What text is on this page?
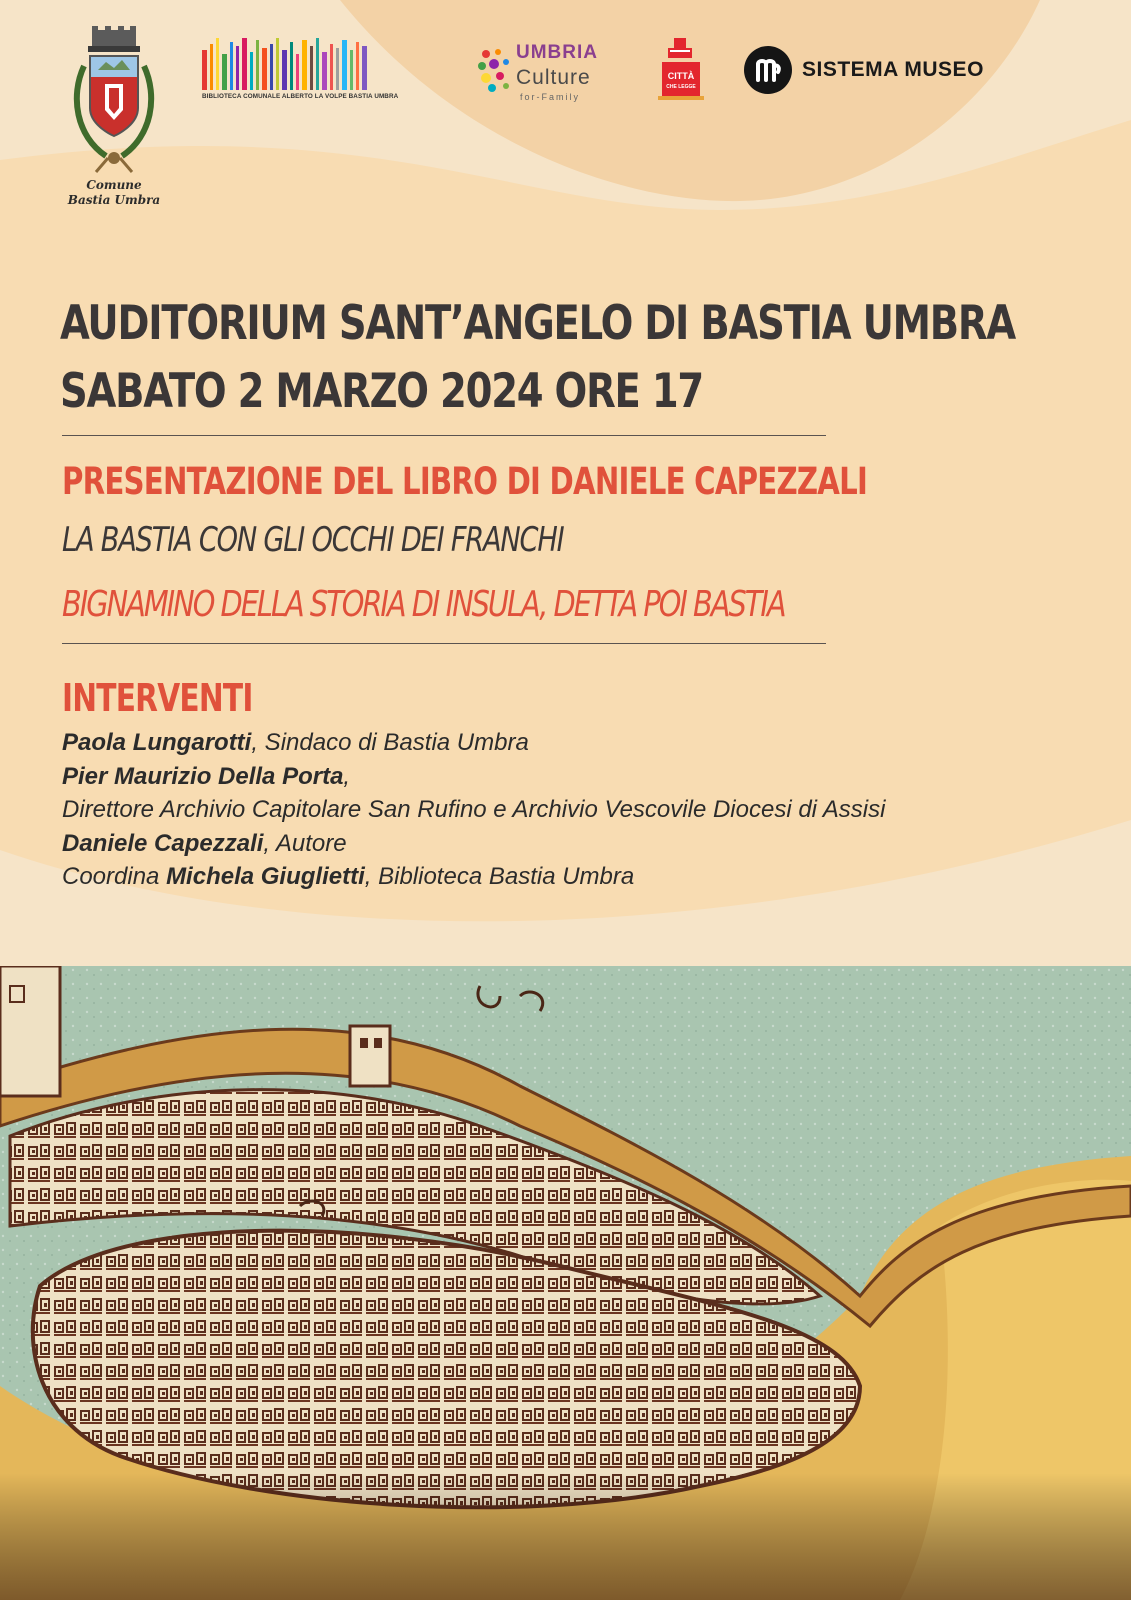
Comune
Bastia Umbra
BIBLIOTECA COMUNALE ALBERTO LA VOLPE BASTIA UMBRA
UMBRIA
Culture
for-Family
CITTÀ
CHE LEGGE
SISTEMA MUSEO
AUDITORIUM SANT’ANGELO DI BASTIA UMBRA
SABATO 2 MARZO 2024 ORE 17
PRESENTAZIONE DEL LIBRO DI DANIELE CAPEZZALI
LA BASTIA CON GLI OCCHI DEI FRANCHI
BIGNAMINO DELLA STORIA DI INSULA, DETTA POI BASTIA
INTERVENTI
Paola Lungarotti, Sindaco di Bastia Umbra
Pier Maurizio Della Porta,
Direttore Archivio Capitolare San Rufino e Archivio Vescovile Diocesi di Assisi
Daniele Capezzali, Autore
Coordina Michela Giuglietti, Biblioteca Bastia Umbra
